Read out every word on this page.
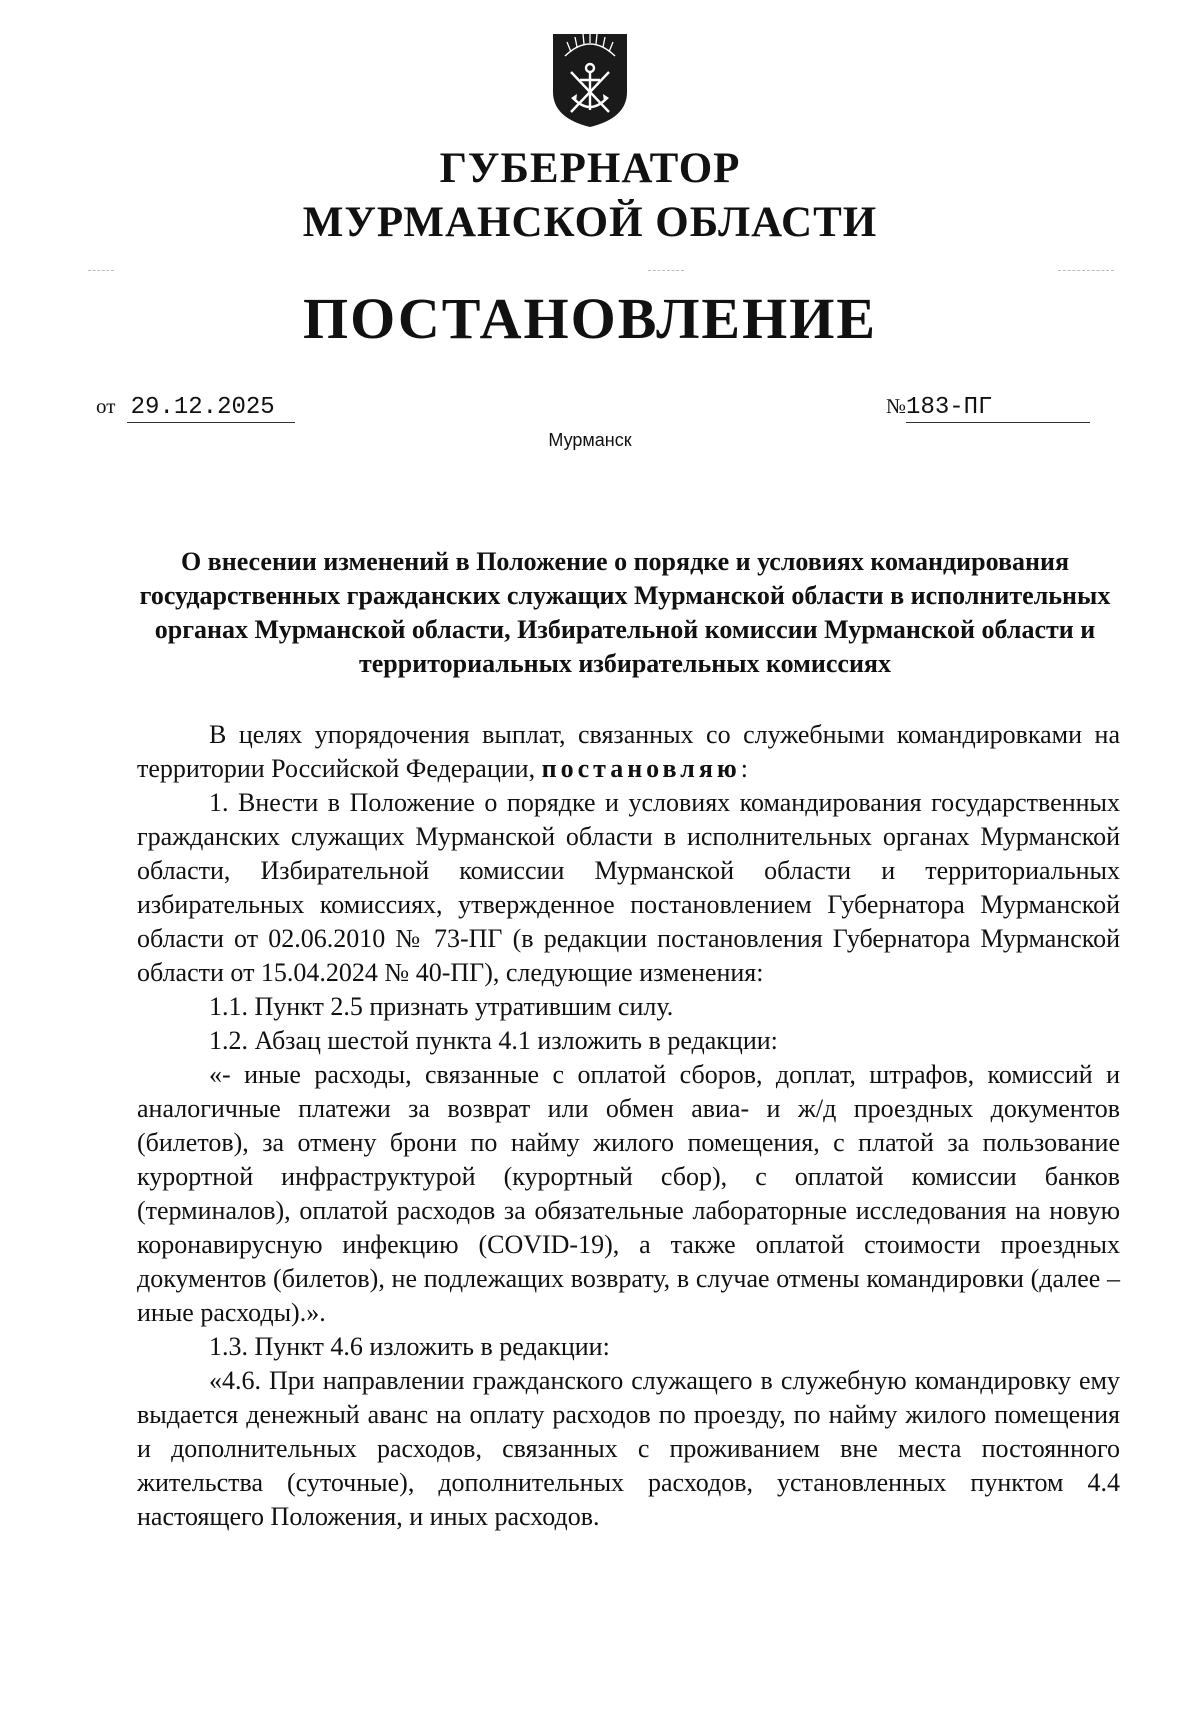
ГУБЕРНАТОР
МУРМАНСКОЙ ОБЛАСТИ
ПОСТАНОВЛЕНИЕ
от 29.12.2025	№183-ПГ
Мурманск
О внесении изменений в Положение о порядке и условиях командирования государственных гражданских служащих Мурманской области в исполнительных органах Мурманской области, Избирательной комиссии Мурманской области и территориальных избирательных комиссиях

В целях упорядочения выплат, связанных со служебными командировками на территории Российской Федерации, постановляю:

1. Внести в Положение о порядке и условиях командирования государственных гражданских служащих Мурманской области в исполнительных органах Мурманской области, Избирательной комиссии Мурманской области и территориальных избирательных комиссиях, утвержденное постановлением Губернатора Мурманской области от 02.06.2010 № 73-ПГ (в редакции постановления Губернатора Мурманской области от 15.04.2024 № 40-ПГ), следующие изменения:

1.1. Пункт 2.5 признать утратившим силу.

1.2. Абзац шестой пункта 4.1 изложить в редакции:

«- иные расходы, связанные с оплатой сборов, доплат, штрафов, комиссий и аналогичные платежи за возврат или обмен авиа- и ж/д проездных документов (билетов), за отмену брони по найму жилого помещения, с платой за пользование курортной инфраструктурой (курортный сбор), с оплатой комиссии банков (терминалов), оплатой расходов за обязательные лабораторные исследования на новую коронавирусную инфекцию (COVID-19), а также оплатой стоимости проездных документов (билетов), не подлежащих возврату, в случае отмены командировки (далее – иные расходы).».

1.3. Пункт 4.6 изложить в редакции:

«4.6. При направлении гражданского служащего в служебную командировку ему выдается денежный аванс на оплату расходов по проезду, по найму жилого помещения и дополнительных расходов, связанных с проживанием вне места постоянного жительства (суточные), дополнительных расходов, установленных пунктом 4.4 настоящего Положения, и иных расходов.
